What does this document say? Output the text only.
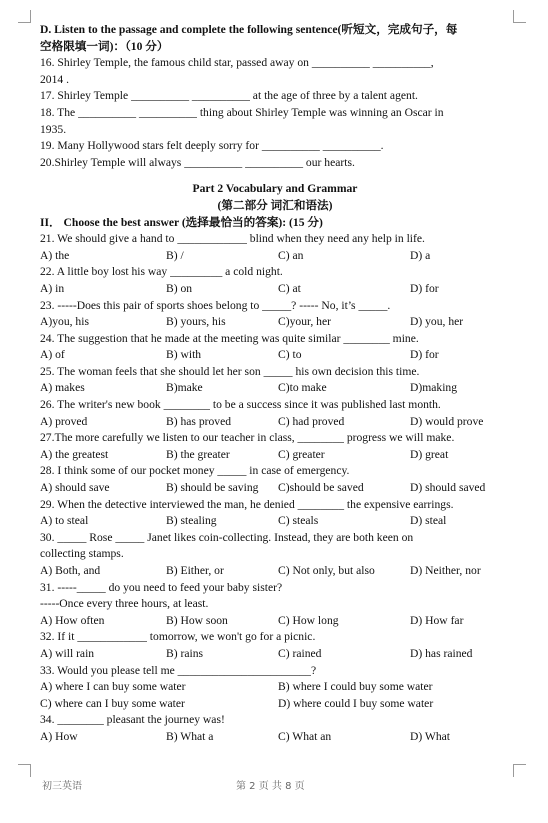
D. Listen to the passage and complete the following sentence(听短文，完成句子，每
空格限填一词)：（10 分）
16. Shirley Temple, the famous child star, passed away on __________ __________,
2014 .
17. Shirley Temple __________ __________ at the age of three by a talent agent.
18. The __________ __________ thing about Shirley Temple was winning an Oscar in
1935.
19. Many Hollywood stars felt deeply sorry for __________ __________.
20.Shirley Temple will always __________ __________ our hearts.
Part 2 Vocabulary and Grammar
(第二部分 词汇和语法)
II． Choose the best answer (选择最恰当的答案): (15 分)
21. We should give a hand to ____________ blind when they need any help in life.
A) the	B) /	C) an	D) a
22. A little boy lost his way _________ a cold night.
A) in	B) on	C) at	D) for
23. -----Does this pair of sports shoes belong to _____? ----- No, it’s _____.
A)you, his	B) yours, his	C)your, her	D) you, her
24. The suggestion that he made at the meeting was quite similar ________ mine.
A) of	B) with	C) to	D) for
25. The woman feels that she should let her son _____ his own decision this time.
A) makes	B)make	C)to make	D)making
26. The writer's new book ________ to be a success since it was published last month.
A) proved	B) has proved	C) had proved	D) would prove
27.The more carefully we listen to our teacher in class, ________ progress we will make.
A) the greatest	B) the greater	C) greater	D) great
28. I think some of our pocket money _____ in case of emergency.
A) should save	B) should be saving C)should be saved	D) should saved
29. When the detective interviewed the man, he denied ________ the expensive earrings.
A) to steal	B) stealing	C) steals	D) steal
30. _____ Rose _____ Janet likes coin-collecting. Instead, they are both keen on
collecting stamps.
A) Both, and	B) Either, or	C) Not only, but also	D) Neither, nor
31. -----_____ do you need to feed your baby sister?
-----Once every three hours, at least.
A) How often	B) How soon	C) How long	D) How far
32. If it ____________ tomorrow, we won't go for a picnic.
A) will rain	B) rains	C) rained	D) has rained
33. Would you please tell me _______________________?
A) where I can buy some water	B) where I could buy some water
C) where can I buy some water	D) where could I buy some water
34. ________ pleasant the journey was!
A) How	B) What a	C) What an	D) What
初三英语	第 2 页 共 8 页
